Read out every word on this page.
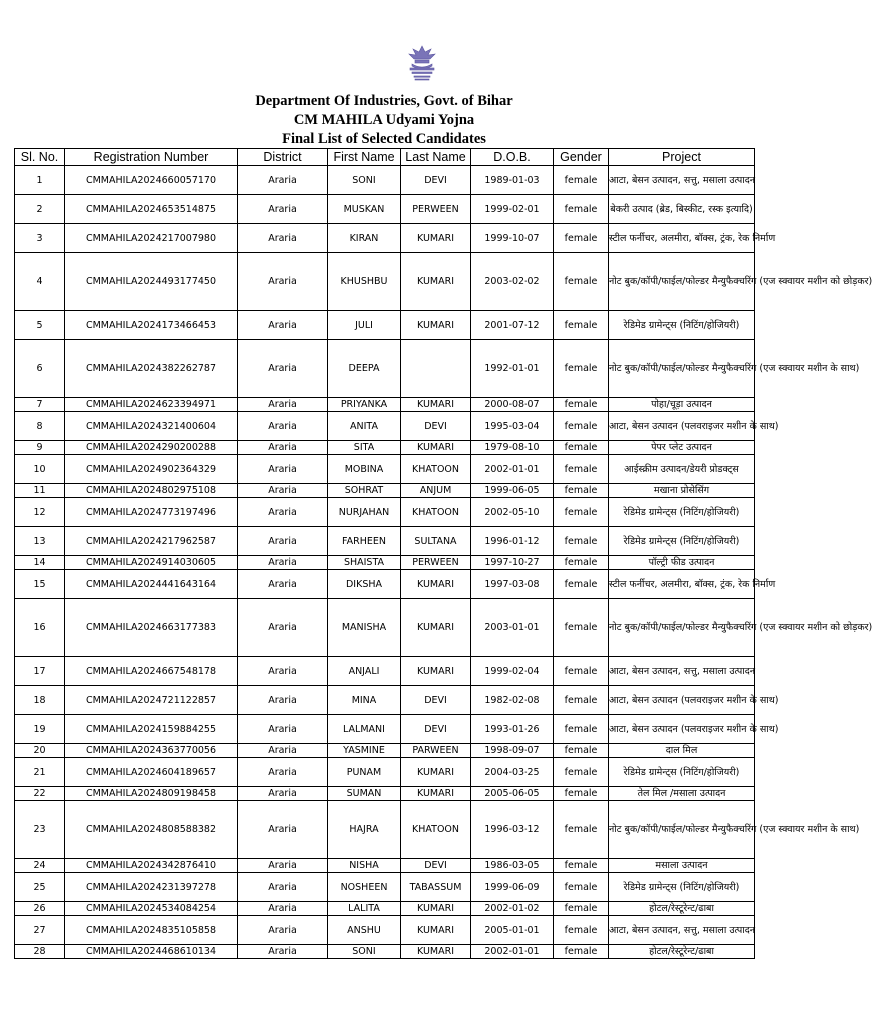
Department Of Industries, Govt. of Bihar
CM MAHILA Udyami Yojna
Final List of Selected Candidates
Sl. No.	Registration Number	District	First Name	Last Name	D.O.B.	Gender	Project
1	CMMAHILA2024660057170	Araria	SONI	DEVI	1989-01-03	female	आटा, बेसन उत्पादन, सत्तु, मसाला उत्पादन
2	CMMAHILA2024653514875	Araria	MUSKAN	PERWEEN	1999-02-01	female	बेकरी उत्पाद (ब्रेड, बिस्कीट, रस्क इत्यादि)
3	CMMAHILA2024217007980	Araria	KIRAN	KUMARI	1999-10-07	female	स्टील फर्नीचर, अलमीरा, बॉक्स, ट्रंक, रेक निर्माण
4	CMMAHILA2024493177450	Araria	KHUSHBU	KUMARI	2003-02-02	female	नोट बुक/कॉपी/फाईल/फोल्डर मैन्युफैक्चरिंग (एज स्क्वायर मशीन को छोड़कर)
5	CMMAHILA2024173466453	Araria	JULI	KUMARI	2001-07-12	female	रेडिमेड ग्रामेन्ट्स (निटिंग/होजियरी)
6	CMMAHILA2024382262787	Araria	DEEPA		1992-01-01	female	नोट बुक/कॉपी/फाईल/फोल्डर मैन्युफैक्चरिंग (एज स्क्वायर मशीन के साथ)
7	CMMAHILA2024623394971	Araria	PRIYANKA	KUMARI	2000-08-07	female	पोहा/चूड़ा उत्पादन
8	CMMAHILA2024321400604	Araria	ANITA	DEVI	1995-03-04	female	आटा, बेसन उत्पादन (पलवराइजर मशीन के साथ)
9	CMMAHILA2024290200288	Araria	SITA	KUMARI	1979-08-10	female	पेपर प्लेट उत्पादन
10	CMMAHILA2024902364329	Araria	MOBINA	KHATOON	2002-01-01	female	आईस्क्रीम उत्पादन/डेयरी प्रोडक्ट्स
11	CMMAHILA2024802975108	Araria	SOHRAT	ANJUM	1999-06-05	female	मखाना प्रोसेसिंग
12	CMMAHILA2024773197496	Araria	NURJAHAN	KHATOON	2002-05-10	female	रेडिमेड ग्रामेन्ट्स (निटिंग/होजियरी)
13	CMMAHILA2024217962587	Araria	FARHEEN	SULTANA	1996-01-12	female	रेडिमेड ग्रामेन्ट्स (निटिंग/होजियरी)
14	CMMAHILA2024914030605	Araria	SHAISTA	PERWEEN	1997-10-27	female	पॉल्ट्री फीड उत्पादन
15	CMMAHILA2024441643164	Araria	DIKSHA	KUMARI	1997-03-08	female	स्टील फर्नीचर, अलमीरा, बॉक्स, ट्रंक, रेक निर्माण
16	CMMAHILA2024663177383	Araria	MANISHA	KUMARI	2003-01-01	female	नोट बुक/कॉपी/फाईल/फोल्डर मैन्युफैक्चरिंग (एज स्क्वायर मशीन को छोड़कर)
17	CMMAHILA2024667548178	Araria	ANJALI	KUMARI	1999-02-04	female	आटा, बेसन उत्पादन, सत्तु, मसाला उत्पादन
18	CMMAHILA2024721122857	Araria	MINA	DEVI	1982-02-08	female	आटा, बेसन उत्पादन (पलवराइजर मशीन के साथ)
19	CMMAHILA2024159884255	Araria	LALMANI	DEVI	1993-01-26	female	आटा, बेसन उत्पादन (पलवराइजर मशीन के साथ)
20	CMMAHILA2024363770056	Araria	YASMINE	PARWEEN	1998-09-07	female	दाल मिल
21	CMMAHILA2024604189657	Araria	PUNAM	KUMARI	2004-03-25	female	रेडिमेड ग्रामेन्ट्स (निटिंग/होजियरी)
22	CMMAHILA2024809198458	Araria	SUMAN	KUMARI	2005-06-05	female	तेल मिल /मसाला उत्पादन
23	CMMAHILA2024808588382	Araria	HAJRA	KHATOON	1996-03-12	female	नोट बुक/कॉपी/फाईल/फोल्डर मैन्युफैक्चरिंग (एज स्क्वायर मशीन के साथ)
24	CMMAHILA2024342876410	Araria	NISHA	DEVI	1986-03-05	female	मसाला उत्पादन
25	CMMAHILA2024231397278	Araria	NOSHEEN	TABASSUM	1999-06-09	female	रेडिमेड ग्रामेन्ट्स (निटिंग/होजियरी)
26	CMMAHILA2024534084254	Araria	LALITA	KUMARI	2002-01-02	female	होटल/रेस्टूरेन्ट/ढाबा
27	CMMAHILA2024835105858	Araria	ANSHU	KUMARI	2005-01-01	female	आटा, बेसन उत्पादन, सत्तु, मसाला उत्पादन
28	CMMAHILA2024468610134	Araria	SONI	KUMARI	2002-01-01	female	होटल/रेस्टूरेन्ट/ढाबा
